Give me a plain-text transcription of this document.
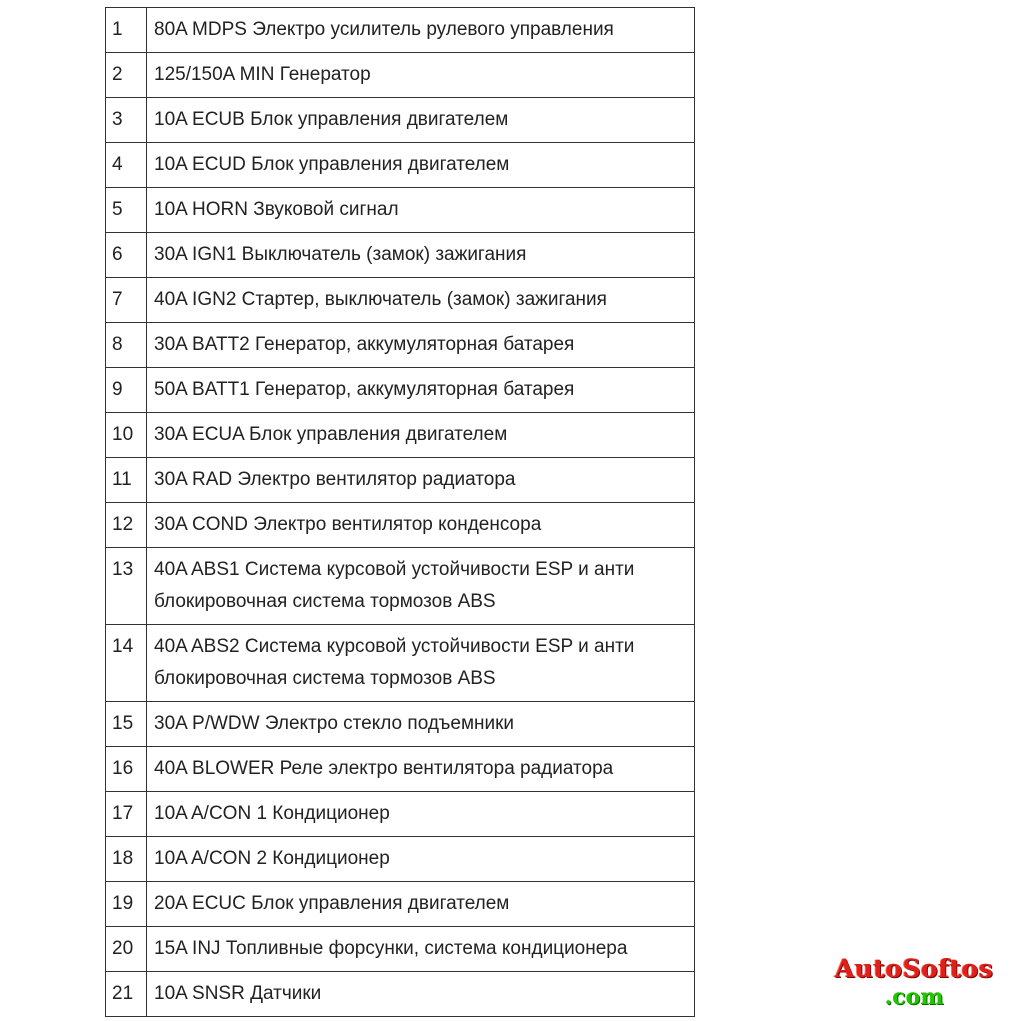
1	80A MDPS Электро усилитель рулевого управления
2	125/150A MIN Генератор
3	10A ECUB Блок управления двигателем
4	10A ECUD Блок управления двигателем
5	10A HORN Звуковой сигнал
6	30A IGN1 Выключатель (замок) зажигания
7	40A IGN2 Стартер, выключатель (замок) зажигания
8	30A BATT2 Генератор, аккумуляторная батарея
9	50A BATT1 Генератор, аккумуляторная батарея
10	30A ECUA Блок управления двигателем
11	30A RAD Электро вентилятор радиатора
12	30A COND Электро вентилятор конденсора
13	40A ABS1 Система курсовой устойчивости ESP и анти блокировочная система тормозов ABS
14	40A ABS2 Система курсовой устойчивости ESP и анти блокировочная система тормозов ABS
15	30A P/WDW Электро стекло подъемники
16	40A BLOWER Реле электро вентилятора радиатора
17	10A A/CON 1 Кондиционер
18	10A A/CON 2 Кондиционер
19	20A ECUC Блок управления двигателем
20	15A INJ Топливные форсунки, система кондиционера
21	10A SNSR Датчики
AutoSoftos
.com
